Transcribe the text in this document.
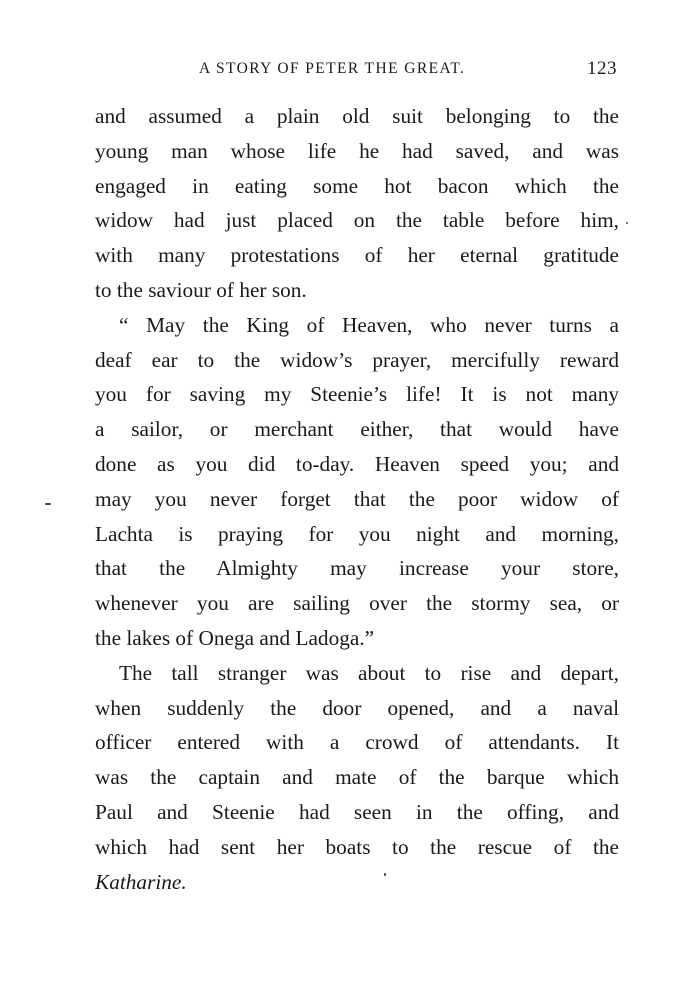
A STORY OF PETER THE GREAT.	123
and assumed a plain old suit belonging to the
young man whose life he had saved, and was
engaged in eating some hot bacon which the
widow had just placed on the table before him,
with many protestations of her eternal gratitude
to the saviour of her son.
“ May the King of Heaven, who never turns a
deaf ear to the widow’s prayer, mercifully reward
you for saving my Steenie’s life! It is not many
a sailor, or merchant either, that would have
done as you did to-day. Heaven speed you; and
may you never forget that the poor widow of
Lachta is praying for you night and morning,
that the Almighty may increase your store,
whenever you are sailing over the stormy sea, or
the lakes of Onega and Ladoga.”
The tall stranger was about to rise and depart,
when suddenly the door opened, and a naval
officer entered with a crowd of attendants. It
was the captain and mate of the barque which
Paul and Steenie had seen in the offing, and
which had sent her boats to the rescue of the
Katharine.
